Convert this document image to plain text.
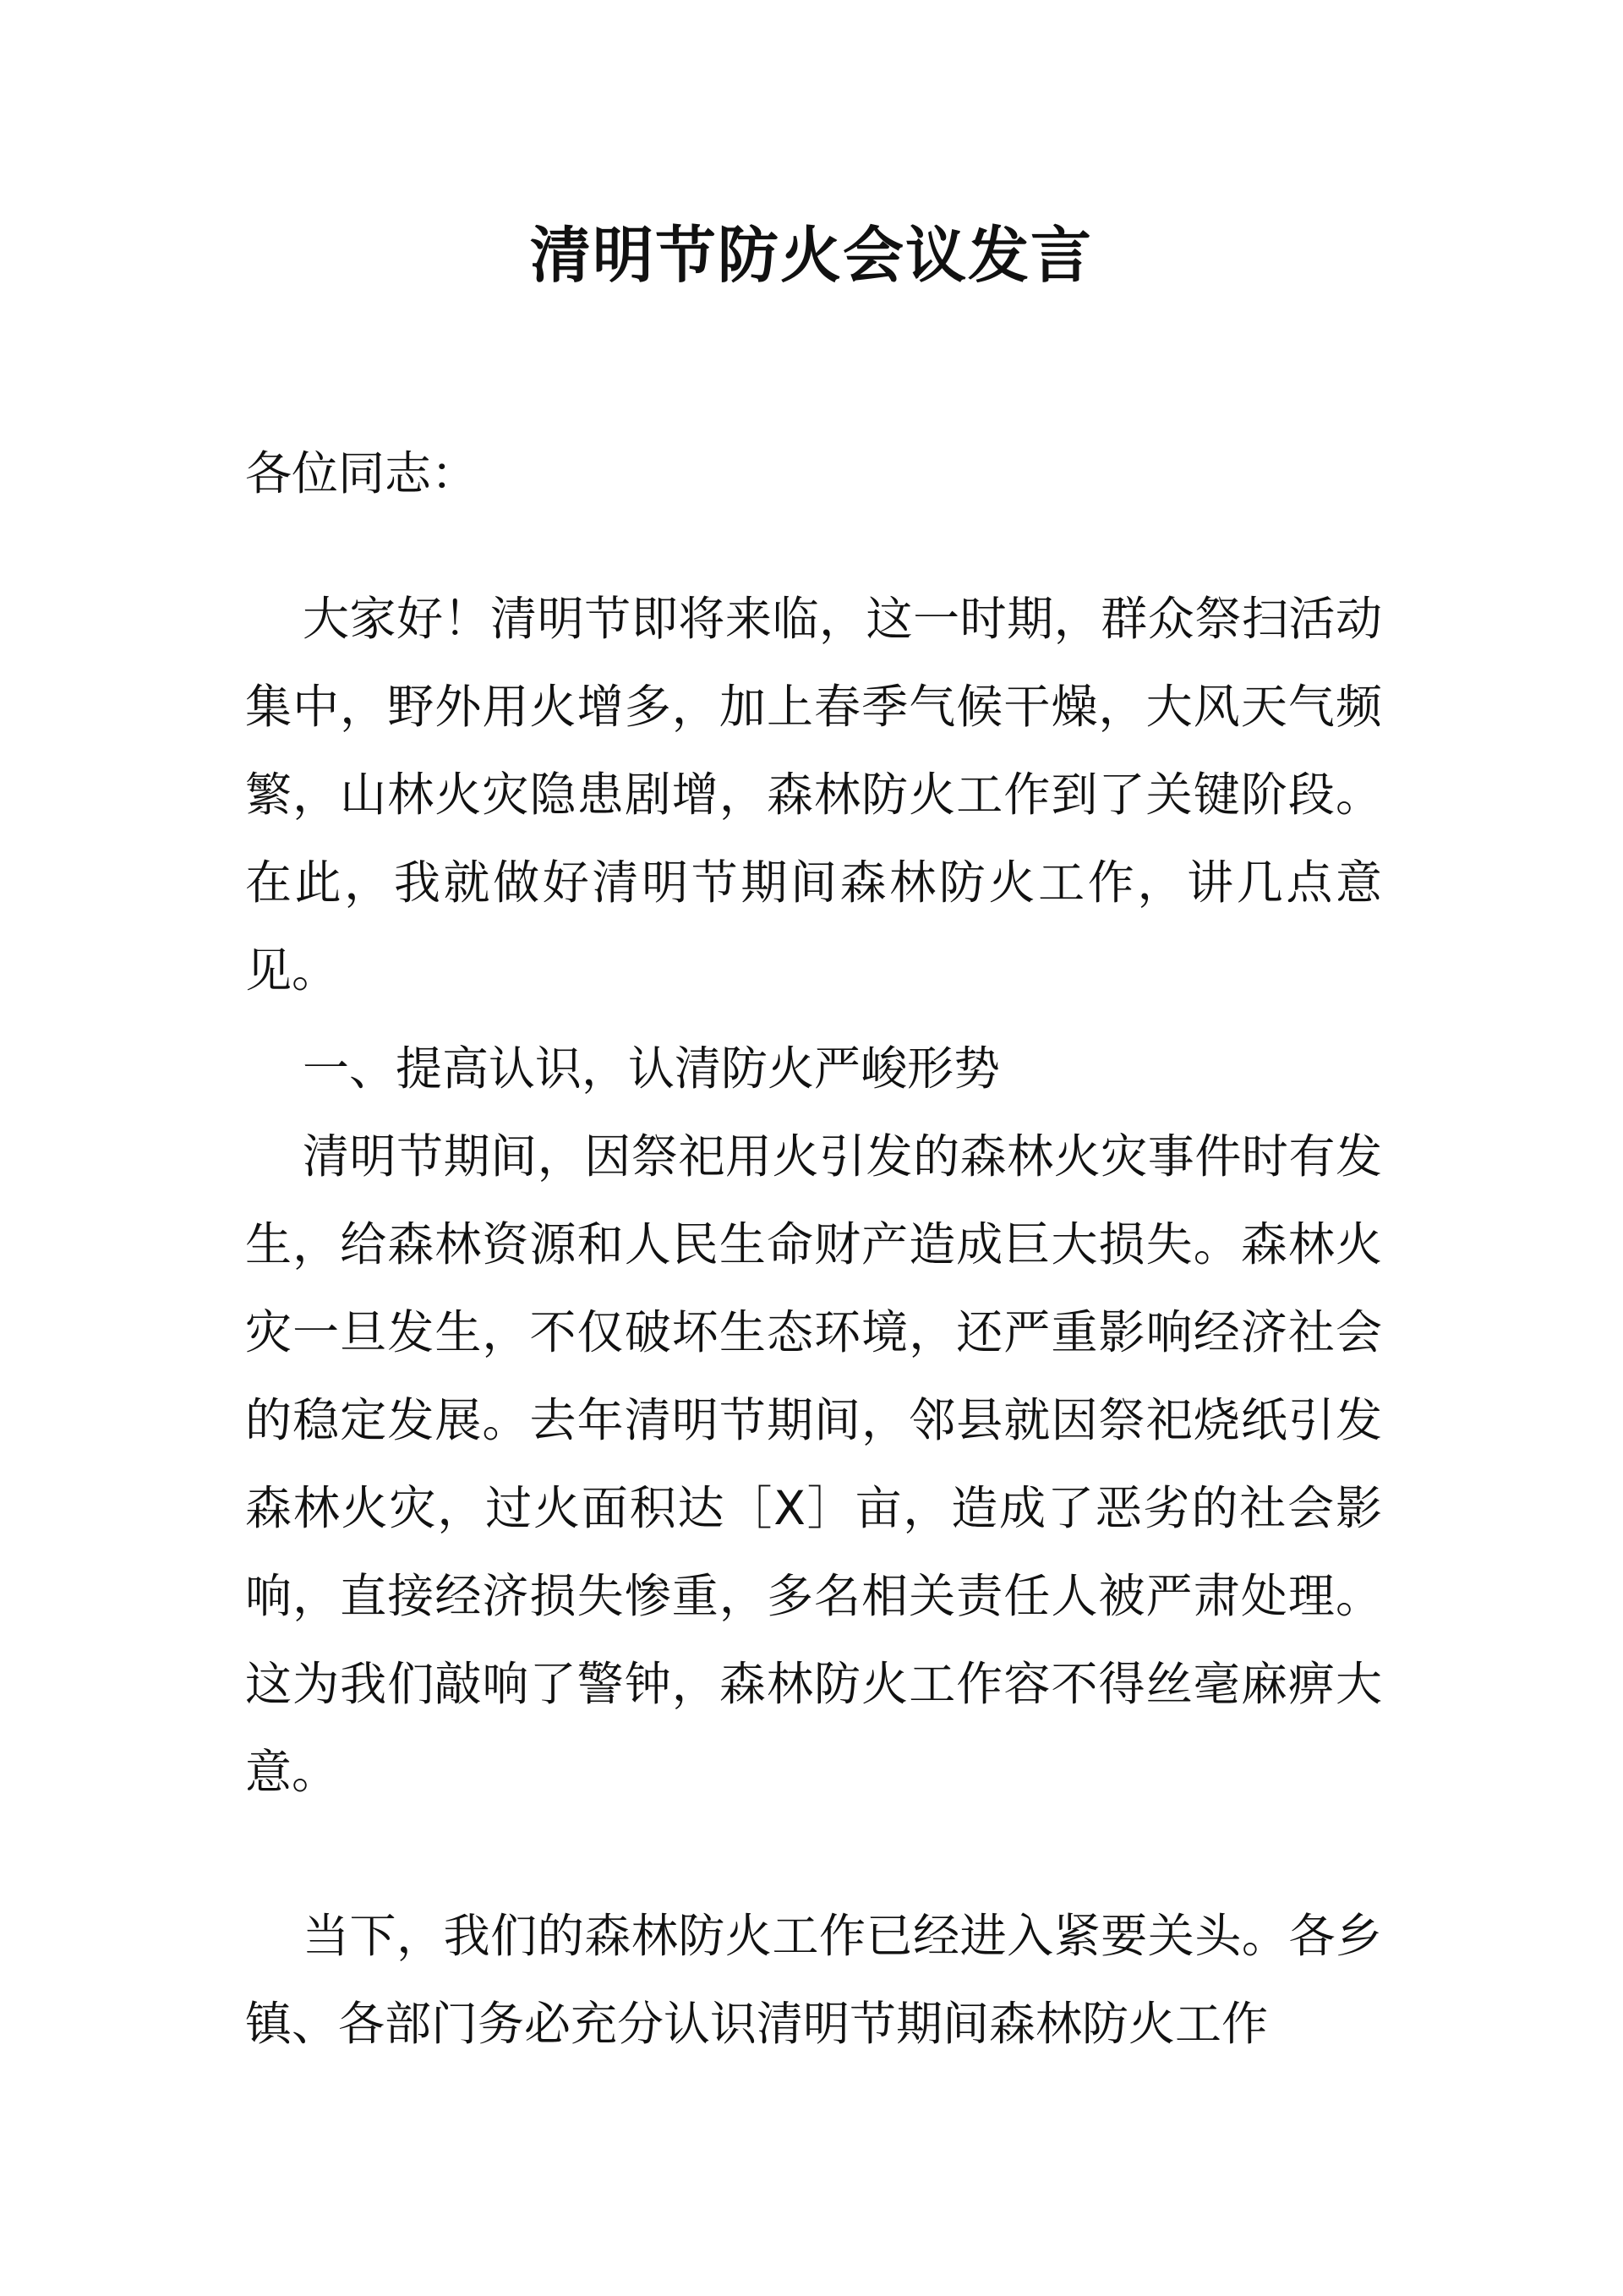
清明节防火会议发言

各位同志：

大家好！清明节即将来临，这一时期，群众祭扫活动集中，野外用火增多，加上春季气候干燥，大风天气频繁，山林火灾隐患剧增，森林防火工作到了关键阶段。在此，我就做好清明节期间森林防火工作，讲几点意见。

一、提高认识，认清防火严峻形势

清明节期间，因祭祀用火引发的森林火灾事件时有发生，给森林资源和人民生命财产造成巨大损失。森林火灾一旦发生，不仅破坏生态环境，还严重影响经济社会的稳定发展。去年清明节期间，邻县就因祭祀烧纸引发森林火灾，过火面积达［X］亩，造成了恶劣的社会影响，直接经济损失惨重，多名相关责任人被严肃处理。这为我们敲响了警钟，森林防火工作容不得丝毫麻痹大意。

当下，我们的森林防火工作已经进入紧要关头。各乡镇、各部门务必充分认识清明节期间森林防火工作
